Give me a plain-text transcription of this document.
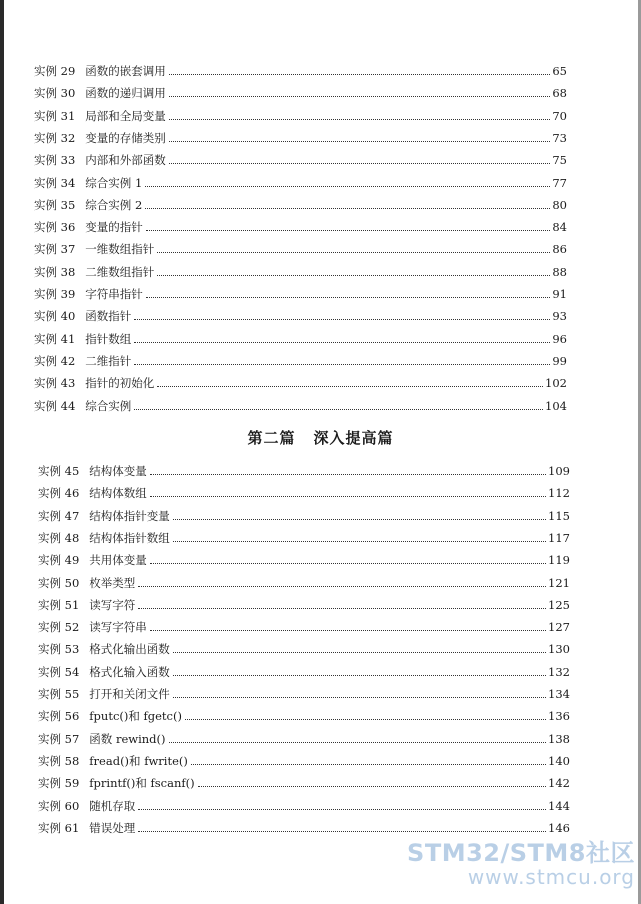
实例 29 函数的嵌套调用	65
实例 30 函数的递归调用	68
实例 31 局部和全局变量	70
实例 32 变量的存储类别	73
实例 33 内部和外部函数	75
实例 34 综合实例 1	77
实例 35 综合实例 2	80
实例 36 变量的指针	84
实例 37 一维数组指针	86
实例 38 二维数组指针	88
实例 39 字符串指针	91
实例 40 函数指针	93
实例 41 指针数组	96
实例 42 二维指针	99
实例 43 指针的初始化	102
实例 44 综合实例	104
第二篇 深入提高篇
实例 45 结构体变量	109
实例 46 结构体数组	112
实例 47 结构体指针变量	115
实例 48 结构体指针数组	117
实例 49 共用体变量	119
实例 50 枚举类型	121
实例 51 读写字符	125
实例 52 读写字符串	127
实例 53 格式化输出函数	130
实例 54 格式化输入函数	132
实例 55 打开和关闭文件	134
实例 56 fputc()和 fgetc()	136
实例 57 函数 rewind()	138
实例 58 fread()和 fwrite()	140
实例 59 fprintf()和 fscanf()	142
实例 60 随机存取	144
实例 61 错误处理	146
STM32/STM8社区
www.stmcu.org
